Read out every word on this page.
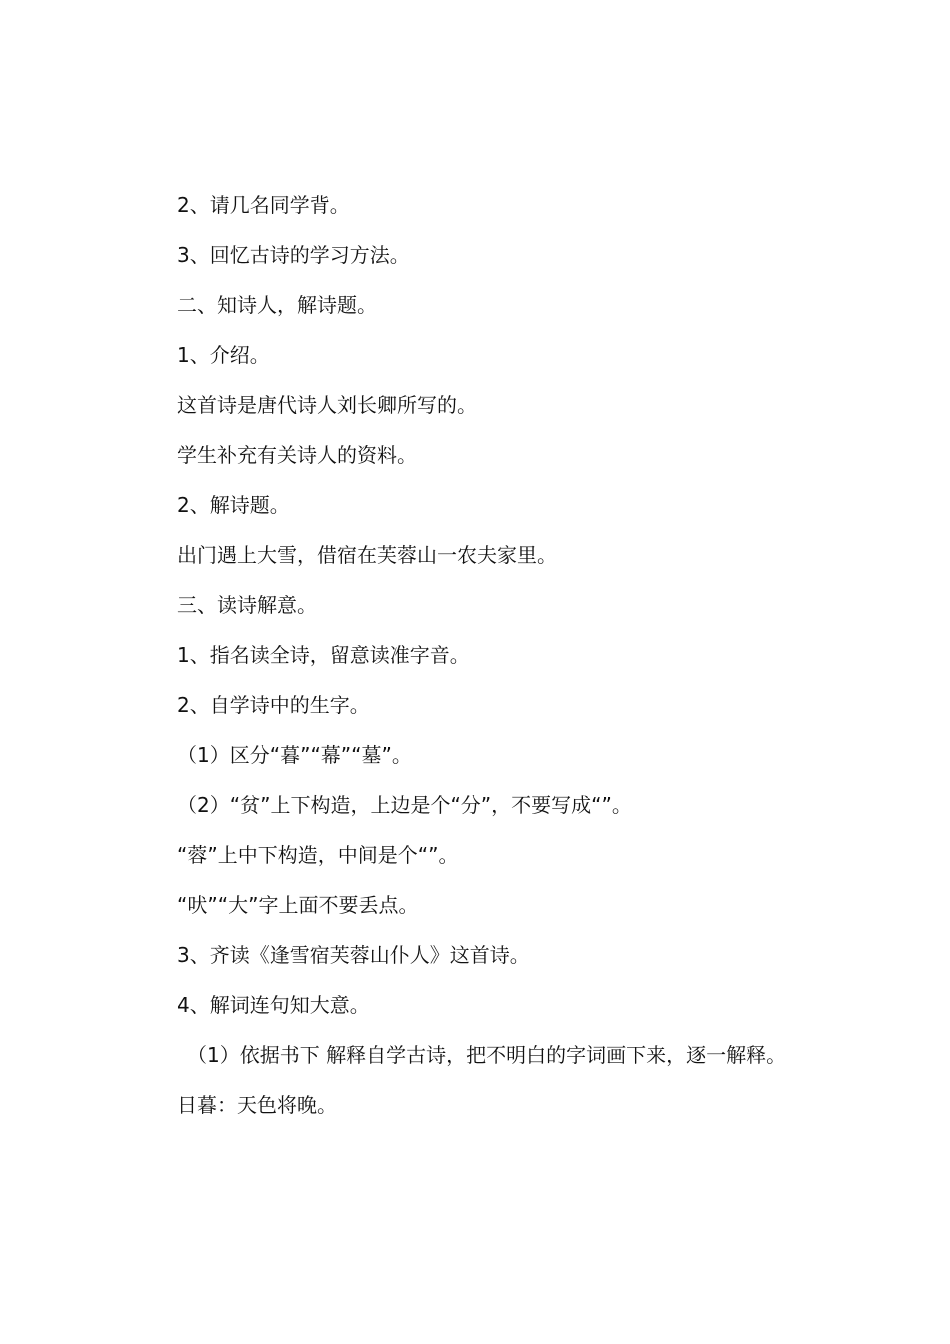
2、请几名同学背。
3、回忆古诗的学习方法。
二、知诗人，解诗题。
1、介绍。
这首诗是唐代诗人刘长卿所写的。
学生补充有关诗人的资料。
2、解诗题。
出门遇上大雪，借宿在芙蓉山一农夫家里。
三、读诗解意。
1、指名读全诗，留意读准字音。
2、自学诗中的生字。
（1）区分“暮”“幕”“墓”。
（2）“贫”上下构造，上边是个“分”，不要写成“”。
“蓉”上中下构造，中间是个“”。
“吠”“大”字上面不要丢点。
3、齐读《逢雪宿芙蓉山仆人》这首诗。
4、解词连句知大意。
（1）依据书下 解释自学古诗，把不明白的字词画下来，逐一解释。
日暮：天色将晚。
